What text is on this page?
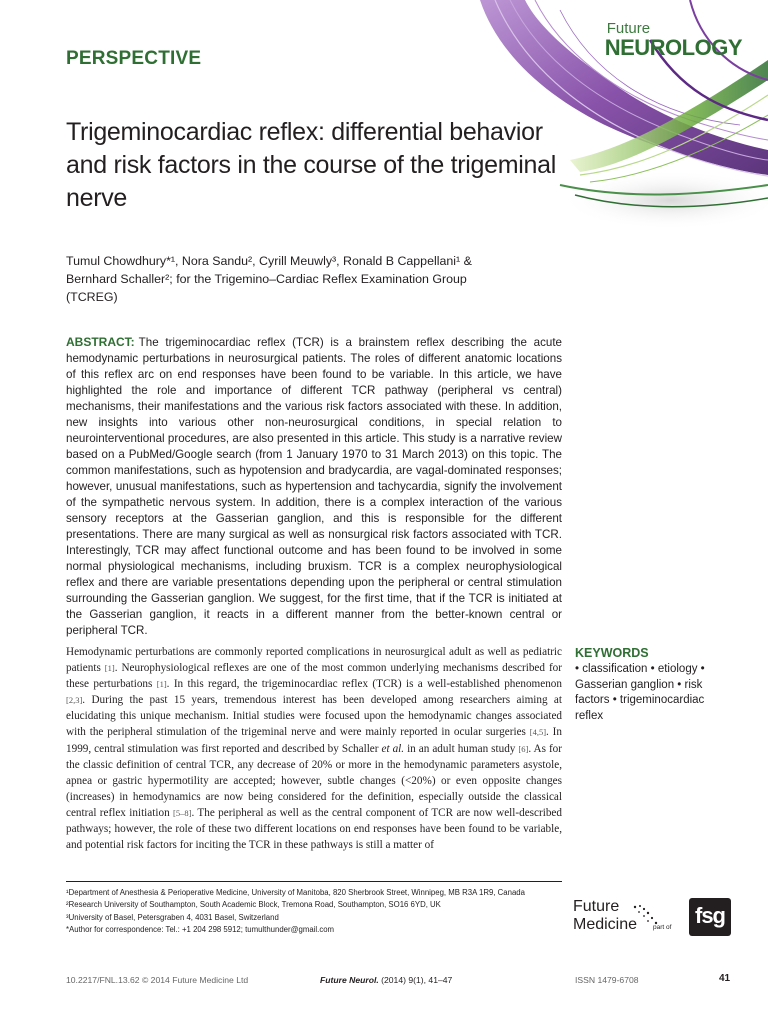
Future
NEUROLOGY
PERSPECTIVE
Trigeminocardiac reflex: differential behavior and risk factors in the course of the trigeminal nerve

Tumul Chowdhury*¹, Nora Sandu², Cyrill Meuwly³, Ronald B Cappellani¹ & Bernhard Schaller²; for the Trigemino–Cardiac Reflex Examination Group (TCREG)

ABSTRACT: The trigeminocardiac reflex (TCR) is a brainstem reflex describing the acute hemodynamic perturbations in neurosurgical patients. The roles of different anatomic locations of this reflex arc on end responses have been found to be variable. In this article, we have highlighted the role and importance of different TCR pathway (peripheral vs central) mechanisms, their manifestations and the various risk factors associated with these. In addition, new insights into various other non-neurosurgical conditions, in special relation to neurointerventional procedures, are also presented in this article. This study is a narrative review based on a PubMed/Google search (from 1 January 1970 to 31 March 2013) on this topic. The common manifestations, such as hypotension and bradycardia, are vagal-dominated responses; however, unusual manifestations, such as hypertension and tachycardia, signify the involvement of the sympathetic nervous system. In addition, there is a complex interaction of the various sensory receptors at the Gasserian ganglion, and this is responsible for the different presentations. There are many surgical as well as nonsurgical risk factors associated with TCR. Interestingly, TCR may affect functional outcome and has been found to be involved in some normal physiological mechanisms, including bruxism. TCR is a complex neurophysiological reflex and there are variable presentations depending upon the peripheral or central stimulation surrounding the Gasserian ganglion. We suggest, for the first time, that if the TCR is initiated at the Gasserian ganglion, it reacts in a different manner from the better-known central or peripheral TCR.

Hemodynamic perturbations are commonly reported complications in neurosurgical adult as well as pediatric patients [1]. Neurophysiological reflexes are one of the most common underlying mechanisms described for these perturbations [1]. In this regard, the trigeminocardiac reflex (TCR) is a well-established phenomenon [2,3]. During the past 15 years, tremendous interest has been developed among researchers aiming at elucidating this unique mechanism. Initial studies were focused upon the hemodynamic changes associated with the peripheral stimulation of the trigeminal nerve and were mainly reported in ocular surgeries [4,5]. In 1999, central stimulation was first reported and described by Schaller et al. in an adult human study [6]. As for the classic definition of central TCR, any decrease of 20% or more in the hemodynamic parameters asystole, apnea or gastric hypermotility are accepted; however, subtle changes (<20%) or even opposite changes (increases) in hemodynamics are now being considered for the definition, especially outside the classical central reflex initiation [5–8]. The peripheral as well as the central component of TCR are now well-described pathways; however, the role of these two different locations on end responses have been found to be variable, and potential risk factors for inciting the TCR in these pathways is still a matter of

KEYWORDS
• classification • etiology • Gasserian ganglion • risk factors • trigeminocardiac reflex
¹Department of Anesthesia & Perioperative Medicine, University of Manitoba, 820 Sherbrook Street, Winnipeg, MB R3A 1R9, Canada
²Research University of Southampton, South Academic Block, Tremona Road, Southampton, SO16 6YD, UK
³University of Basel, Petersgraben 4, 4031 Basel, Switzerland
*Author for correspondence: Tel.: +1 204 298 5912; tumulthunder@gmail.com
Future
Medicine part of fsg
10.2217/FNL.13.62 © 2014 Future Medicine Ltd	Future Neurol. (2014) 9(1), 41–47	ISSN 1479-6708	41
